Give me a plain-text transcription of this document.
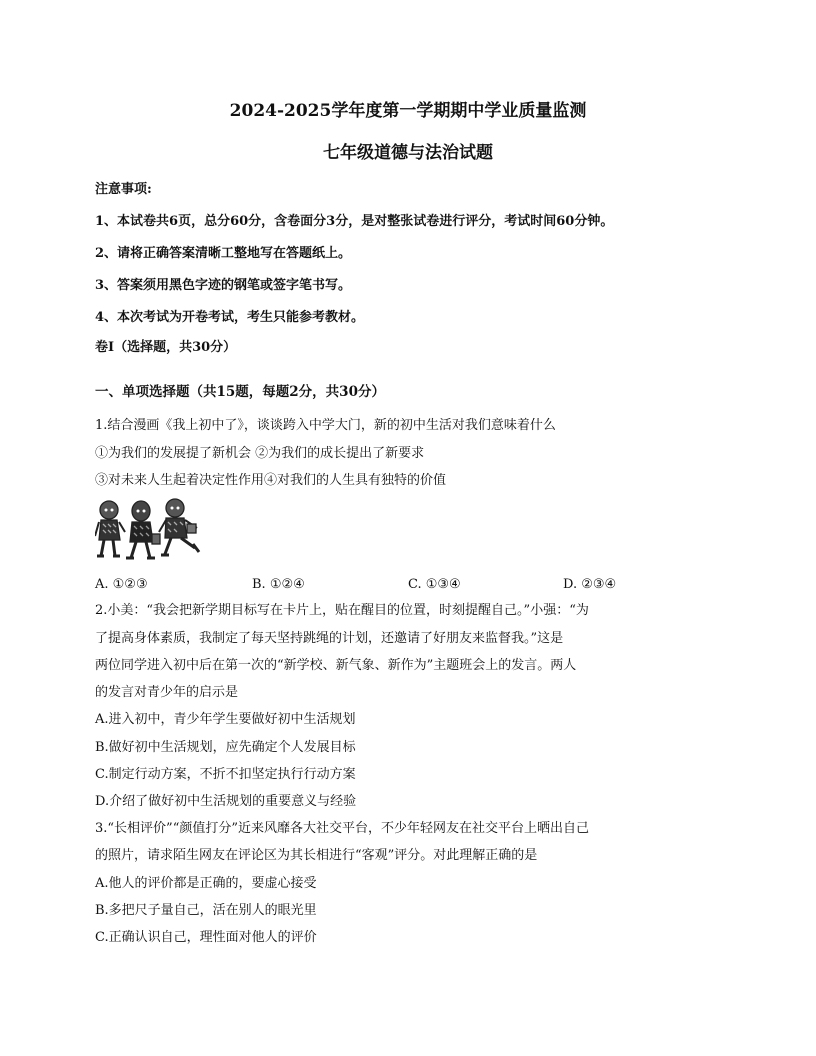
2024-2025学年度第一学期期中学业质量监测
七年级道德与法治试题
注意事项:
1、本试卷共6页，总分60分，含卷面分3分，是对整张试卷进行评分，考试时间60分钟。
2、请将正确答案清晰工整地写在答题纸上。
3、答案须用黑色字迹的钢笔或签字笔书写。
4、本次考试为开卷考试，考生只能参考教材。
卷Ⅰ（选择题，共30分）
一、单项选择题（共15题，每题2分，共30分）
1.结合漫画《我上初中了》，谈谈跨入中学大门，新的初中生活对我们意味着什么
①为我们的发展提了新机会 ②为我们的成长提出了新要求
③对未来人生起着决定性作用④对我们的人生具有独特的价值
A. ①②③	B. ①②④	C. ①③④	D. ②③④
2.小美：“我会把新学期目标写在卡片上，贴在醒目的位置，时刻提醒自己。”小强：“为
了提高身体素质，我制定了每天坚持跳绳的计划，还邀请了好朋友来监督我。”这是
两位同学进入初中后在第一次的“新学校、新气象、新作为”主题班会上的发言。两人
的发言对青少年的启示是
A.进入初中，青少年学生要做好初中生活规划
B.做好初中生活规划，应先确定个人发展目标
C.制定行动方案，不折不扣坚定执行行动方案
D.介绍了做好初中生活规划的重要意义与经验
3.“长相评价”“颜值打分”近来风靡各大社交平台，不少年轻网友在社交平台上晒出自己
的照片，请求陌生网友在评论区为其长相进行“客观”评分。对此理解正确的是
A.他人的评价都是正确的，要虚心接受
B.多把尺子量自己，活在别人的眼光里
C.正确认识自己，理性面对他人的评价
